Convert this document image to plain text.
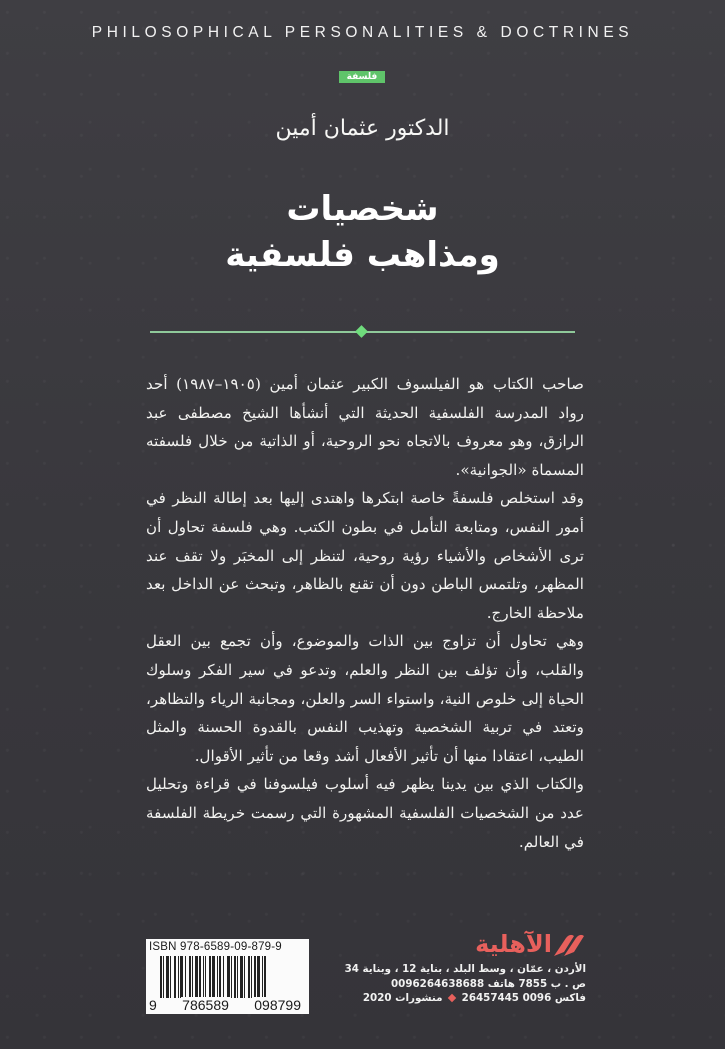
PHILOSOPHICAL PERSONALITIES & DOCTRINES
فلسفة
الدكتور عثمان أمين
شخصيات
ومذاهب فلسفية

صاحب الكتاب هو الفيلسوف الكبير عثمان أمين (١٩٠٥–١٩٨٧) أحد رواد المدرسة الفلسفية الحديثة التي أنشأها الشيخ مصطفى عبد الرازق، وهو معروف بالاتجاه نحو الروحية، أو الذاتية من خلال فلسفته المسماة «الجوانية».

وقد استخلص فلسفةً خاصة ابتكرها واهتدى إليها بعد إطالة النظر في أمور النفس، ومتابعة التأمل في بطون الكتب. وهي فلسفة تحاول أن ترى الأشخاص والأشياء رؤية روحية، لتنظر إلى المخبَر ولا تقف عند المظهر، وتلتمس الباطن دون أن تقنع بالظاهر، وتبحث عن الداخل بعد ملاحظة الخارج.

وهي تحاول أن تزاوج بين الذات والموضوع، وأن تجمع بين العقل والقلب، وأن تؤلف بين النظر والعلم، وتدعو في سير الفكر وسلوك الحياة إلى خلوص النية، واستواء السر والعلن، ومجانبة الرياء والتظاهر، وتعتد في تربية الشخصية وتهذيب النفس بالقدوة الحسنة والمثل الطيب، اعتقادا منها أن تأثير الأفعال أشد وقعا من تأثير الأقوال.

والكتاب الذي بين يدينا يظهر فيه أسلوب فيلسوفنا في قراءة وتحليل عدد من الشخصيات الفلسفية المشهورة التي رسمت خريطة الفلسفة في العالم.

ISBN 978-6589-09-879-9
9 786589 098799
الآهلية
الأردن ، عمّان ، وسط البلد ، بناية 12 ، وبناية 34
ص . ب 7855 هاتف 0096264638688
فاكس 0096 26457445  منشورات 2020
